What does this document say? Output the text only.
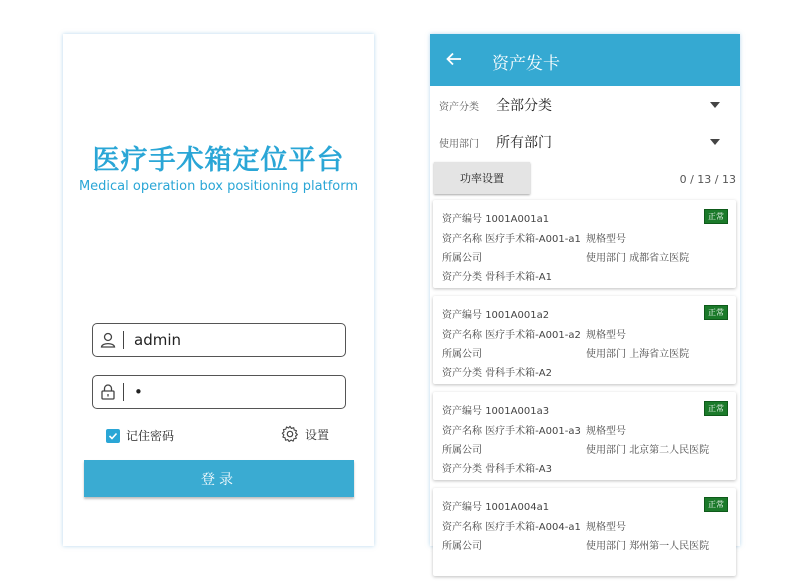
医疗手术箱定位平台
Medical operation box positioning platform
admin
•
记住密码	设置
登录
资产发卡
资产分类	全部分类
使用部门	所有部门
功率设置	0 / 13 / 13
资产编号 1001A001a1	正常
资产名称 医疗手术箱-A001-a1 规格型号
所属公司	使用部门 成都省立医院
资产分类 骨科手术箱-A1
资产编号 1001A001a2	正常
资产名称 医疗手术箱-A001-a2 规格型号
所属公司	使用部门 上海省立医院
资产分类 骨科手术箱-A2
资产编号 1001A001a3	正常
资产名称 医疗手术箱-A001-a3 规格型号
所属公司	使用部门 北京第二人民医院
资产分类 骨科手术箱-A3
资产编号 1001A004a1	正常
资产名称 医疗手术箱-A004-a1 规格型号
所属公司	使用部门 郑州第一人民医院
